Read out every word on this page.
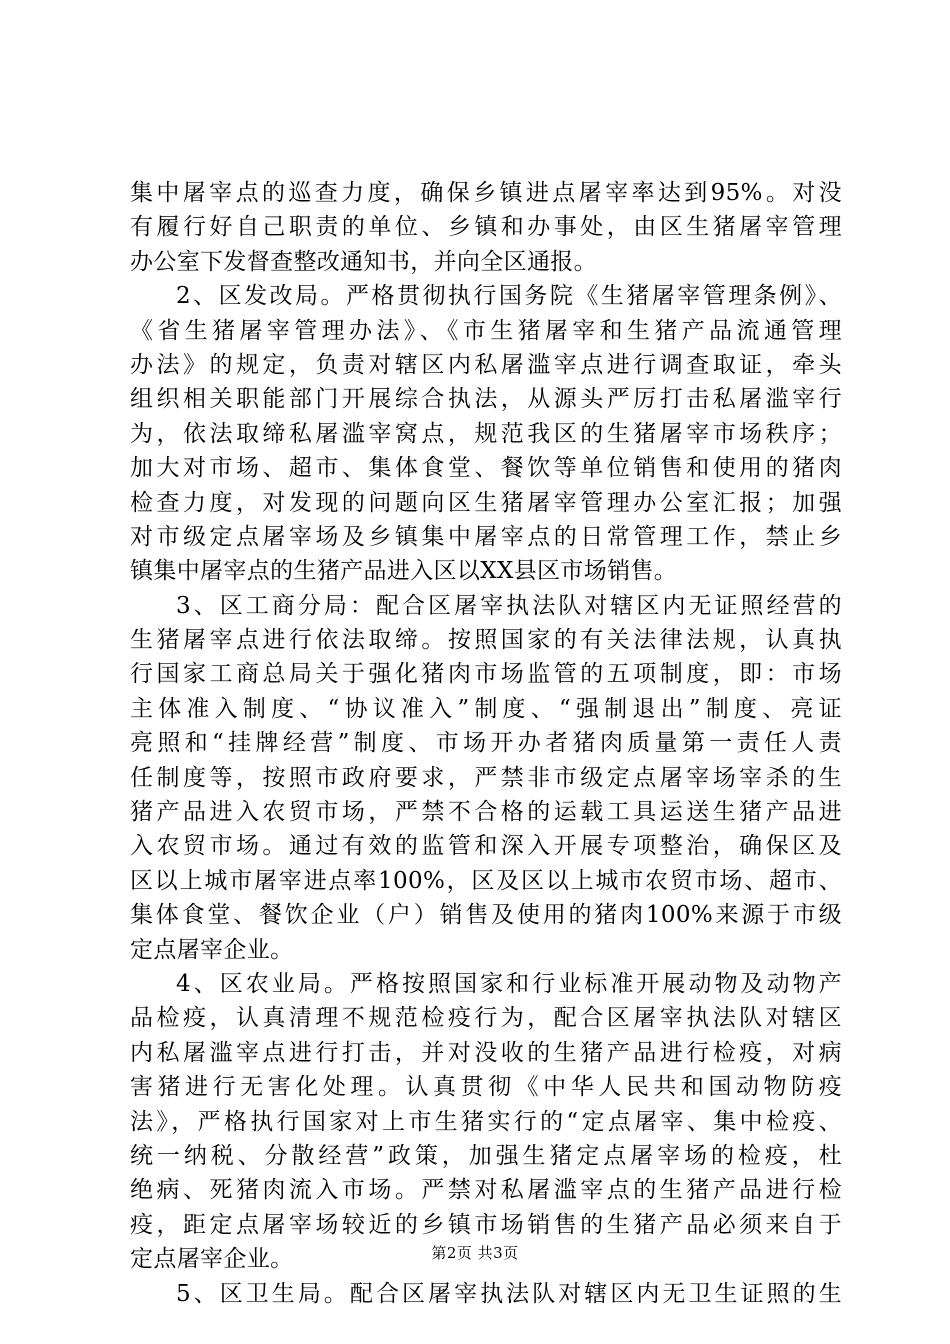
集中屠宰点的巡查力度，确保乡镇进点屠宰率达到95%。对没
有履行好自己职责的单位、乡镇和办事处，由区生猪屠宰管理
办公室下发督查整改通知书，并向全区通报。
2、区发改局。严格贯彻执行国务院《生猪屠宰管理条例》、
《省生猪屠宰管理办法》、《市生猪屠宰和生猪产品流通管理
办法》的规定，负责对辖区内私屠滥宰点进行调查取证，牵头
组织相关职能部门开展综合执法，从源头严厉打击私屠滥宰行
为，依法取缔私屠滥宰窝点，规范我区的生猪屠宰市场秩序；
加大对市场、超市、集体食堂、餐饮等单位销售和使用的猪肉
检查力度，对发现的问题向区生猪屠宰管理办公室汇报；加强
对市级定点屠宰场及乡镇集中屠宰点的日常管理工作，禁止乡
镇集中屠宰点的生猪产品进入区以XX县区市场销售。
3、区工商分局：配合区屠宰执法队对辖区内无证照经营的
生猪屠宰点进行依法取缔。按照国家的有关法律法规，认真执
行国家工商总局关于强化猪肉市场监管的五项制度，即：市场
主体准入制度、“协议准入”制度、“强制退出”制度、亮证
亮照和“挂牌经营”制度、市场开办者猪肉质量第一责任人责
任制度等，按照市政府要求，严禁非市级定点屠宰场宰杀的生
猪产品进入农贸市场，严禁不合格的运载工具运送生猪产品进
入农贸市场。通过有效的监管和深入开展专项整治，确保区及
区以上城市屠宰进点率100%，区及区以上城市农贸市场、超市、
集体食堂、餐饮企业（户）销售及使用的猪肉100%来源于市级
定点屠宰企业。
4、区农业局。严格按照国家和行业标准开展动物及动物产
品检疫，认真清理不规范检疫行为，配合区屠宰执法队对辖区
内私屠滥宰点进行打击，并对没收的生猪产品进行检疫，对病
害猪进行无害化处理。认真贯彻《中华人民共和国动物防疫
法》，严格执行国家对上市生猪实行的“定点屠宰、集中检疫、
统一纳税、分散经营”政策，加强生猪定点屠宰场的检疫，杜
绝病、死猪肉流入市场。严禁对私屠滥宰点的生猪产品进行检
疫，距定点屠宰场较近的乡镇市场销售的生猪产品必须来自于
定点屠宰企业。
5、区卫生局。配合区屠宰执法队对辖区内无卫生证照的生
第2页 共3页
